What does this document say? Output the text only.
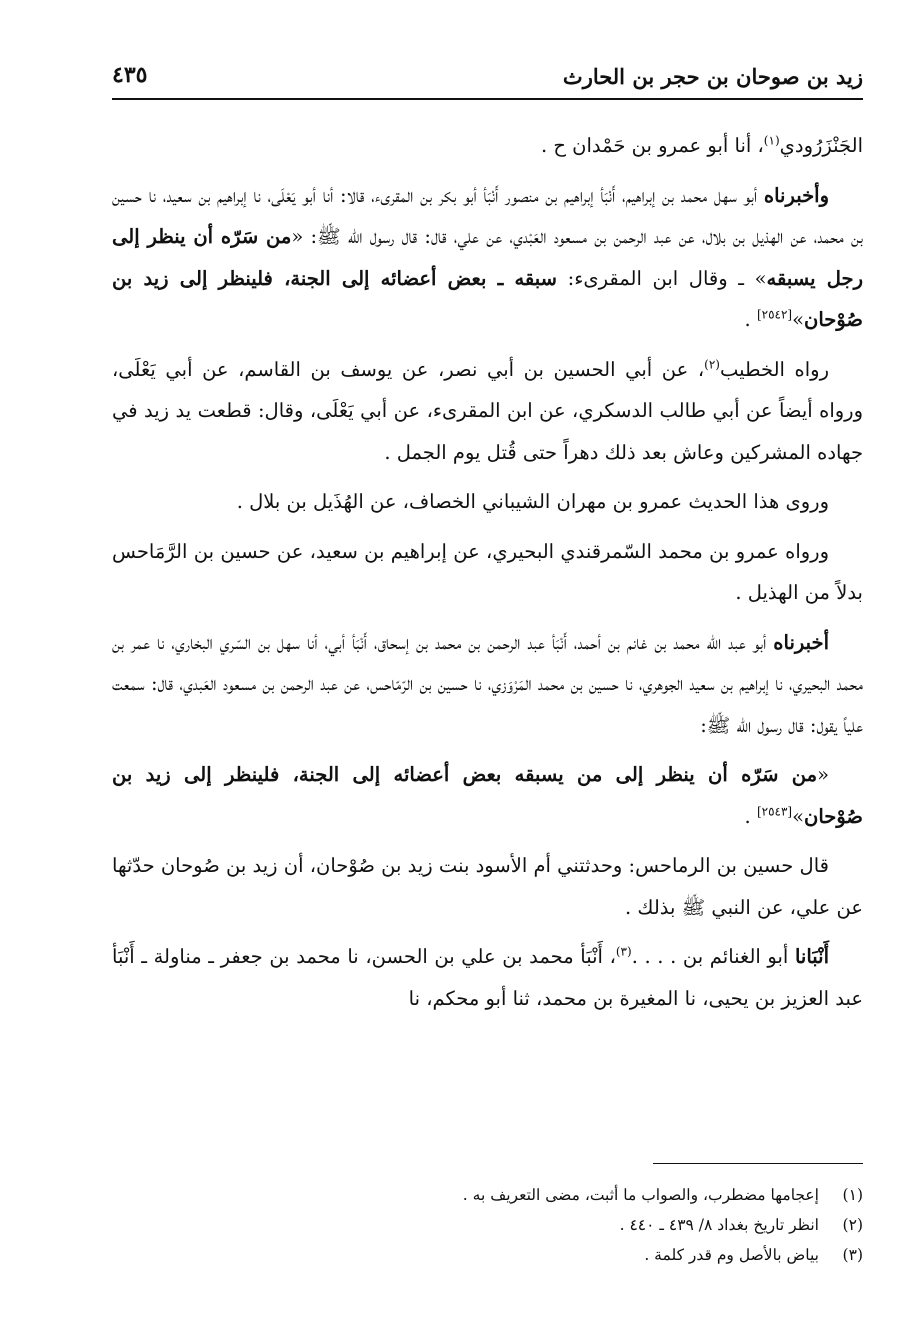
زيد بن صوحان بن حجر بن الحارث
٤٣٥

الجَنْزَرُودي$^{(١)}$، أنا أبو عمرو بن حَمْدان ح .

وأخبرناه أبو سهل محمد بن إبراهيم، أَنْبَأ إبراهيم بن منصور أَنْبَأ أبو بكر بن المقرىء، قالا: أنا أبو يَعْلَى، نا إبراهيم بن سعيد، نا حسين بن محمد، عن الهذيل بن بلال، عن عبد الرحمن بن مسعود العَبْدي، عن علي، قال: قال رسول الله ﷺ: «من سَرّه أن ينظر إلى رجل يسبقه» ـ وقال ابن المقرىء: سبقه ـ بعض أعضائه إلى الجنة، فلينظر إلى زيد بن صُوْحان»[٢٥٤٢] .

رواه الخطيب$^{(٢)}$، عن أبي الحسين بن أبي نصر، عن يوسف بن القاسم، عن أبي يَعْلَى، ورواه أيضاً عن أبي طالب الدسكري، عن ابن المقرىء، عن أبي يَعْلَى، وقال: قطعت يد زيد في جهاده المشركين وعاش بعد ذلك دهراً حتى قُتل يوم الجمل .

وروى هذا الحديث عمرو بن مهران الشيباني الخصاف، عن الهُذَيل بن بلال .

ورواه عمرو بن محمد السّمرقندي البحيري، عن إبراهيم بن سعيد، عن حسين بن الرَّمَاحس بدلاً من الهذيل .

أخبرناه أبو عبد اللّه محمد بن غانم بن أحمد، أَنْبَأ عبد الرحمن بن محمد بن إسحاق، أَنْبَأ أبي، أنا سهل بن السّري البخاري، نا عمر بن محمد البحيري، نا إبراهيم بن سعيد الجوهري، نا حسين بن محمد المَرْوَزي، نا حسين بن الرّمّاحس، عن عبد الرحمن بن مسعود العَبدي، قال: سمعت علياً يقول: قال رسول الله ﷺ:

«من سَرّه أن ينظر إلى من يسبقه بعض أعضائه إلى الجنة، فلينظر إلى زيد بن صُوْحان»[٢٥٤٣] .

قال حسين بن الرماحس: وحدثتني أم الأسود بنت زيد بن صُوْحان، أن زيد بن صُوحان حدّثها عن علي، عن النبي ﷺ بذلك .

أَنْبَانا أبو الغنائم بن . . . .$^{(٣)}$، أَنْبَأ محمد بن علي بن الحسن، نا محمد بن جعفر ـ مناولة ـ أَنْبَأ عبد العزيز بن يحيى، نا المغيرة بن محمد، ثنا أبو محكم، نا

(١)
إعجامها مضطرب، والصواب ما أثبت، مضى التعريف به .
(٢)
انظر تاريخ بغداد ٨/ ٤٣٩ ـ ٤٤٠ .
(٣)
بياض بالأصل وم قدر كلمة .
